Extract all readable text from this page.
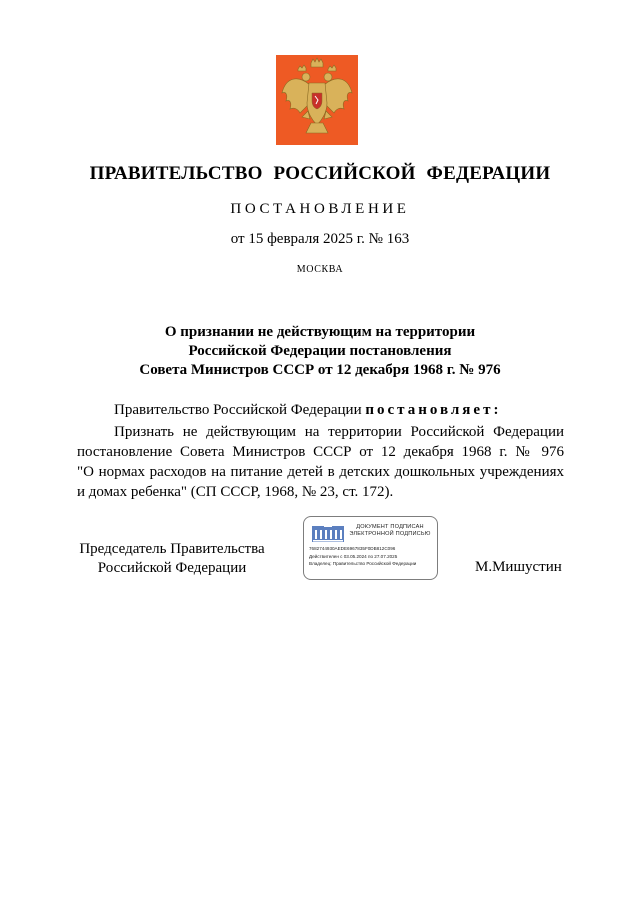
ПРАВИТЕЛЬСТВО РОССИЙСКОЙ ФЕДЕРАЦИИ
ПОСТАНОВЛЕНИЕ
от 15 февраля 2025 г. № 163
МОСКВА
О признании не действующим на территории
Российской Федерации постановления
Совета Министров СССР от 12 декабря 1968 г. № 976
Правительство Российской Федерации постановляет:
Признать не действующим на территории Российской Федерации
постановление Совета Министров СССР от 12 декабря 1968 г. № 976
"О нормах расходов на питание детей в детских дошкольных учреждениях
и домах ребенка" (СП СССР, 1968, № 23, ст. 172).
Председатель Правительства
Российской Федерации
ДОКУМЕНТ ПОДПИСАН
ЭЛЕКТРОННОЙ ПОДПИСЬЮ
7682744930AEDE6967835F0DB812C096
Действителен с 03.05.2024 по 27.07.2025
Владелец: Правительство Российской Федерации	М.Мишустин
